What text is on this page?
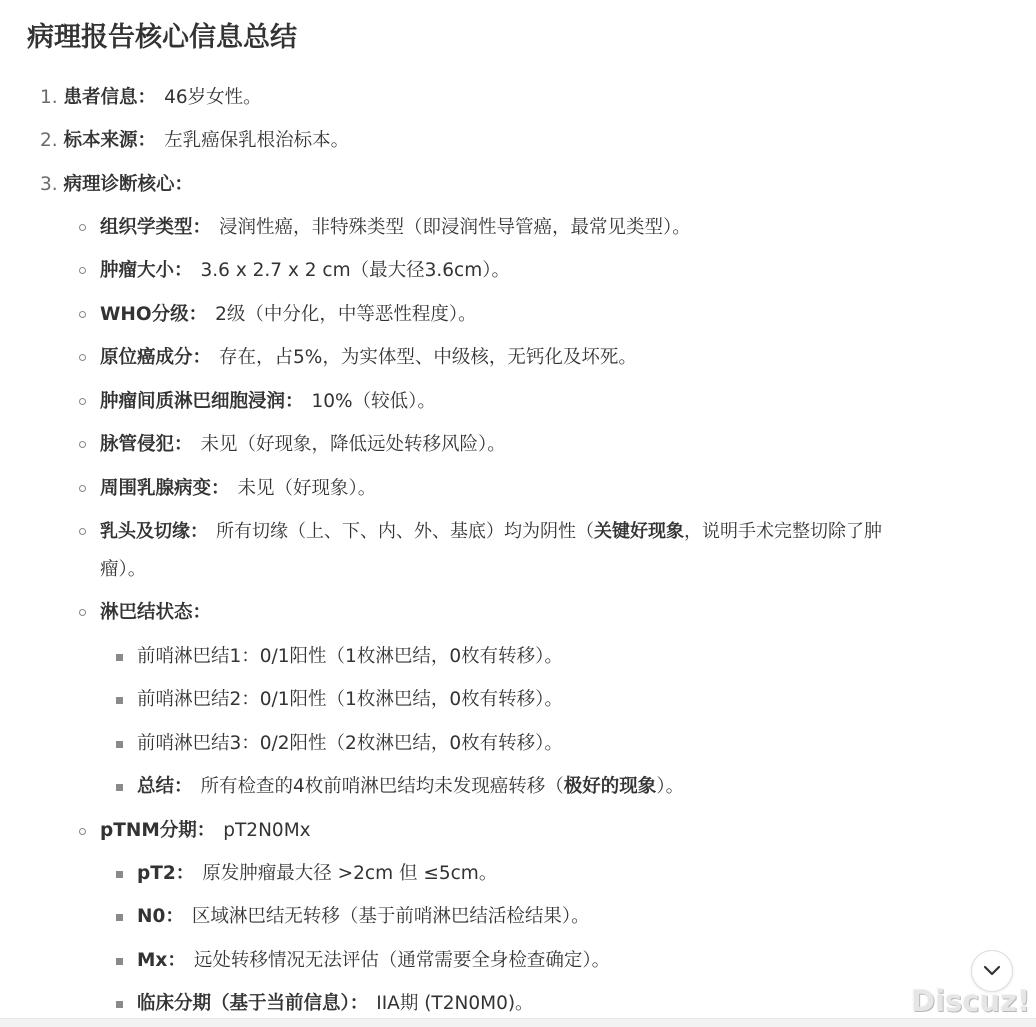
病理报告核心信息总结
1. 患者信息： 46岁女性。
2. 标本来源： 左乳癌保乳根治标本。
3. 病理诊断核心：
组织学类型： 浸润性癌，非特殊类型（即浸润性导管癌，最常见类型）。
肿瘤大小： 3.6 x 2.7 x 2 cm（最大径3.6cm）。
WHO分级： 2级（中分化，中等恶性程度）。
原位癌成分： 存在，占5%，为实体型、中级核，无钙化及坏死。
肿瘤间质淋巴细胞浸润： 10%（较低）。
脉管侵犯： 未见（好现象，降低远处转移风险）。
周围乳腺病变： 未见（好现象）。
乳头及切缘： 所有切缘（上、下、内、外、基底）均为阴性（关键好现象，说明手术完整切除了肿
瘤）。
淋巴结状态：
前哨淋巴结1：0/1阳性（1枚淋巴结，0枚有转移）。
前哨淋巴结2：0/1阳性（1枚淋巴结，0枚有转移）。
前哨淋巴结3：0/2阳性（2枚淋巴结，0枚有转移）。
总结： 所有检查的4枚前哨淋巴结均未发现癌转移（极好的现象）。
pTNM分期： pT2N0Mx
pT2： 原发肿瘤最大径 >2cm 但 ≤5cm。
N0： 区域淋巴结无转移（基于前哨淋巴结活检结果）。
Mx： 远处转移情况无法评估（通常需要全身检查确定）。
临床分期（基于当前信息）： IIA期 (T2N0M0)。	Discuz!
